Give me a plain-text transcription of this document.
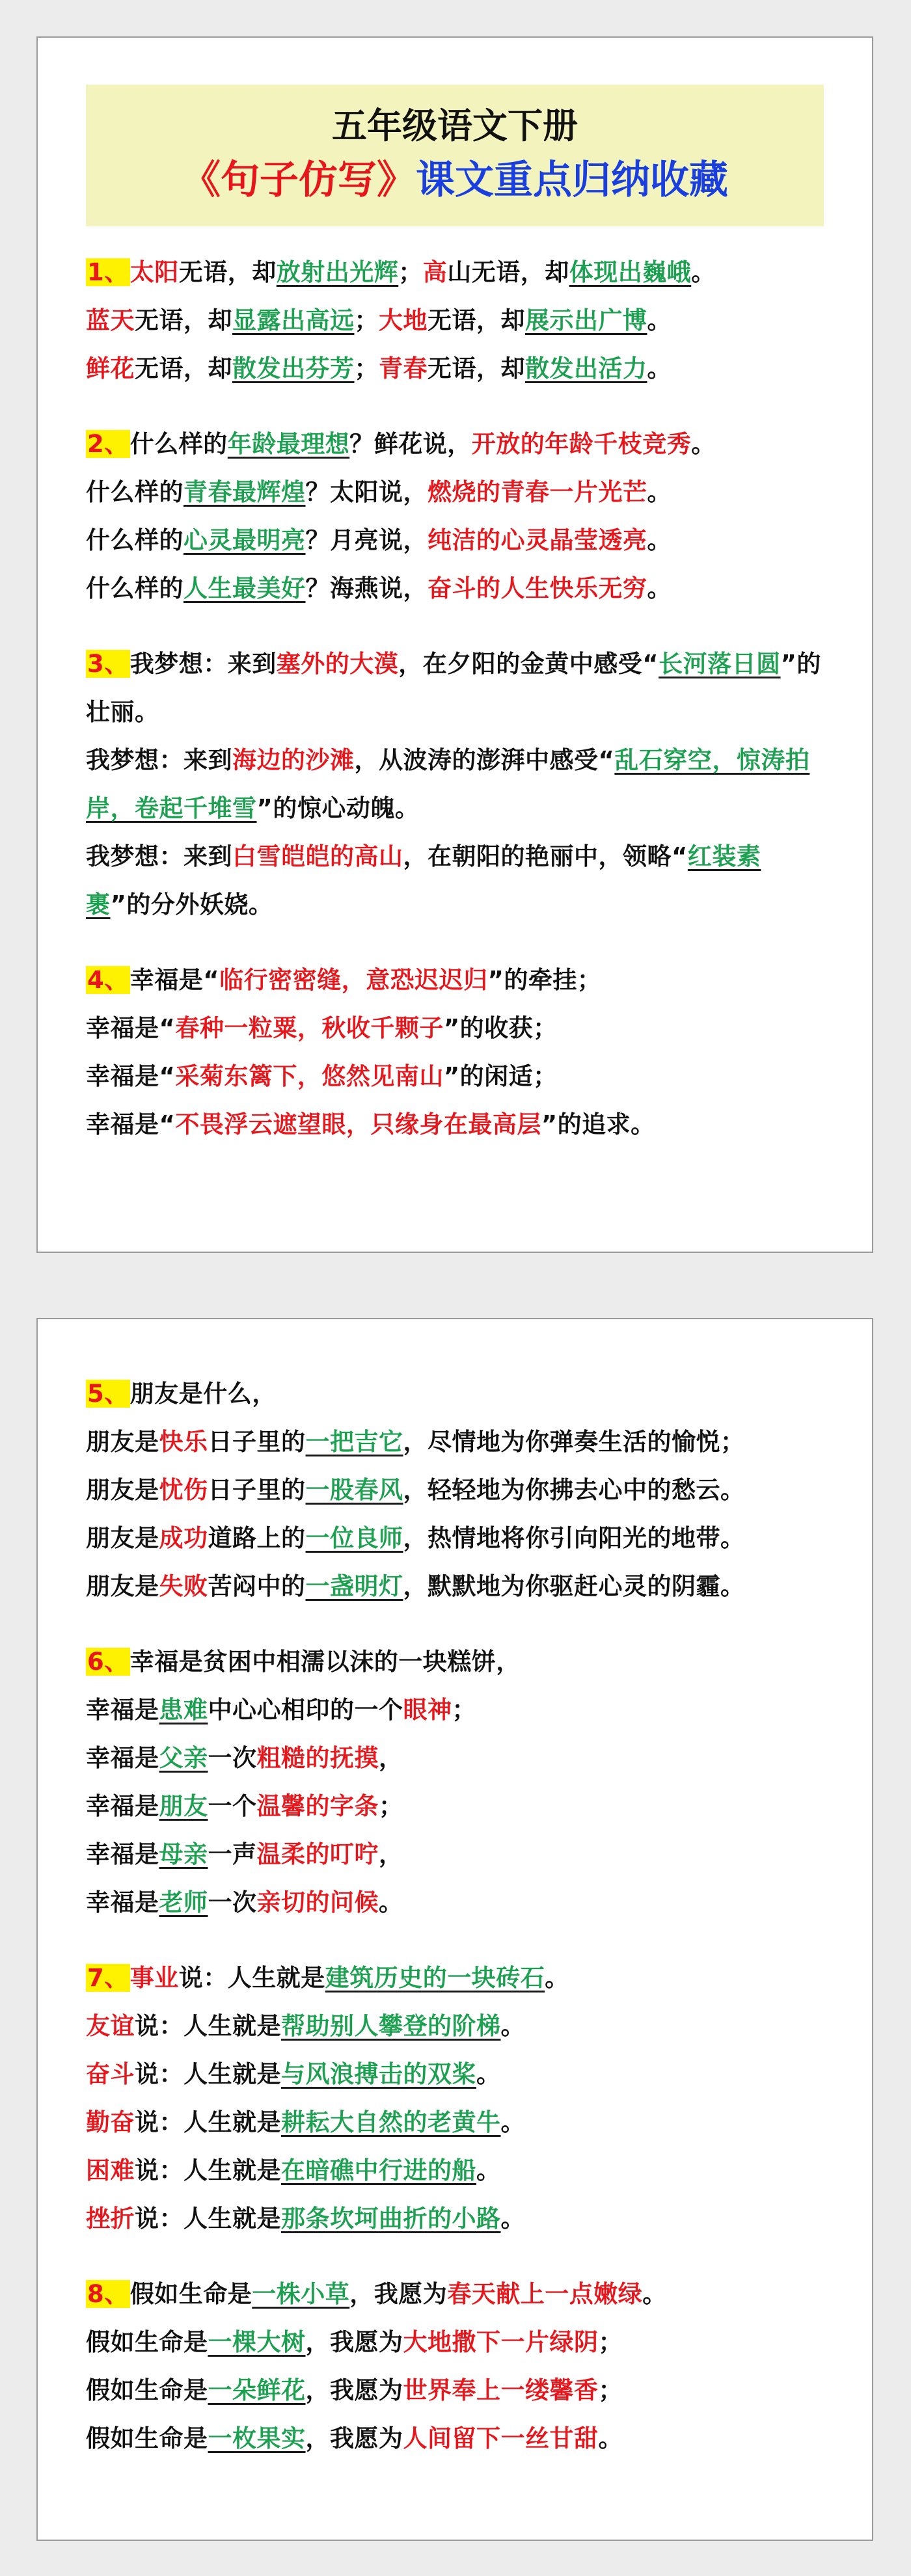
五年级语文下册
《句子仿写》课文重点归纳收藏
1、太阳无语，却放射出光辉；高山无语，却体现出巍峨。
蓝天无语，却显露出高远；大地无语，却展示出广博。
鲜花无语，却散发出芬芳；青春无语，却散发出活力。
2、什么样的年龄最理想？鲜花说，开放的年龄千枝竞秀。
什么样的青春最辉煌？太阳说，燃烧的青春一片光芒。
什么样的心灵最明亮？月亮说，纯洁的心灵晶莹透亮。
什么样的人生最美好？海燕说，奋斗的人生快乐无穷。
3、我梦想：来到塞外的大漠，在夕阳的金黄中感受“长河落日圆”的壮丽。
我梦想：来到海边的沙滩，从波涛的澎湃中感受“乱石穿空，惊涛拍岸，卷起千堆雪”的惊心动魄。
我梦想：来到白雪皑皑的高山，在朝阳的艳丽中，领略“红装素裹”的分外妖娆。
4、幸福是“临行密密缝，意恐迟迟归”的牵挂；
幸福是“春种一粒粟，秋收千颗子”的收获；
幸福是“采菊东篱下，悠然见南山”的闲适；
幸福是“不畏浮云遮望眼，只缘身在最高层”的追求。
5、朋友是什么，
朋友是快乐日子里的一把吉它，尽情地为你弹奏生活的愉悦；
朋友是忧伤日子里的一股春风，轻轻地为你拂去心中的愁云。
朋友是成功道路上的一位良师，热情地将你引向阳光的地带。
朋友是失败苦闷中的一盏明灯，默默地为你驱赶心灵的阴霾。
6、幸福是贫困中相濡以沫的一块糕饼，
幸福是患难中心心相印的一个眼神；
幸福是父亲一次粗糙的抚摸，
幸福是朋友一个温馨的字条；
幸福是母亲一声温柔的叮咛，
幸福是老师一次亲切的问候。
7、事业说：人生就是建筑历史的一块砖石。
友谊说：人生就是帮助别人攀登的阶梯。
奋斗说：人生就是与风浪搏击的双桨。
勤奋说：人生就是耕耘大自然的老黄牛。
困难说：人生就是在暗礁中行进的船。
挫折说：人生就是那条坎坷曲折的小路。
8、假如生命是一株小草，我愿为春天献上一点嫩绿。
假如生命是一棵大树，我愿为大地撒下一片绿阴；
假如生命是一朵鲜花，我愿为世界奉上一缕馨香；
假如生命是一枚果实，我愿为人间留下一丝甘甜。
